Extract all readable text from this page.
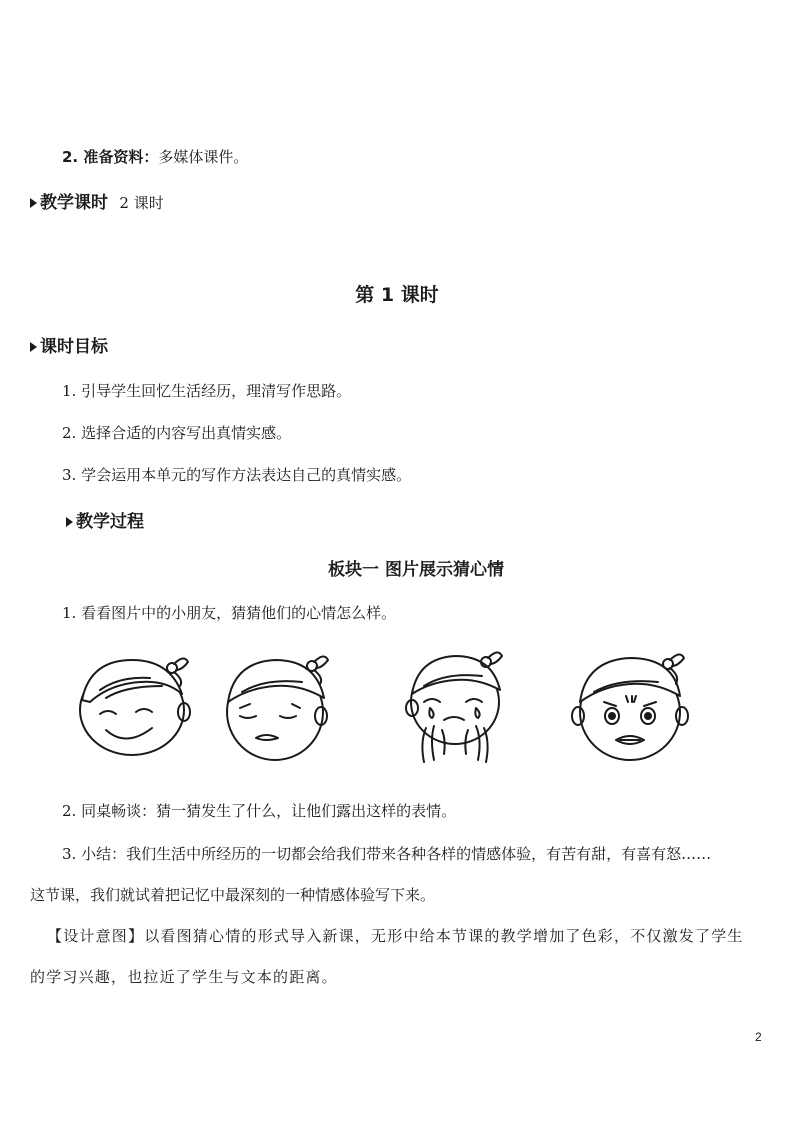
2. 准备资料：多媒体课件。
教学课时 2 课时
第 1 课时
课时目标
1. 引导学生回忆生活经历，理清写作思路。
2. 选择合适的内容写出真情实感。
3. 学会运用本单元的写作方法表达自己的真情实感。
教学过程
板块一 图片展示猜心情
1. 看看图片中的小朋友，猜猜他们的心情怎么样。
2. 同桌畅谈：猜一猜发生了什么，让他们露出这样的表情。
3. 小结：我们生活中所经历的一切都会给我们带来各种各样的情感体验，有苦有甜，有喜有怒……
这节课，我们就试着把记忆中最深刻的一种情感体验写下来。
【设计意图】以看图猜心情的形式导入新课，无形中给本节课的教学增加了色彩，不仅激发了学生
的学习兴趣，也拉近了学生与文本的距离。
2
